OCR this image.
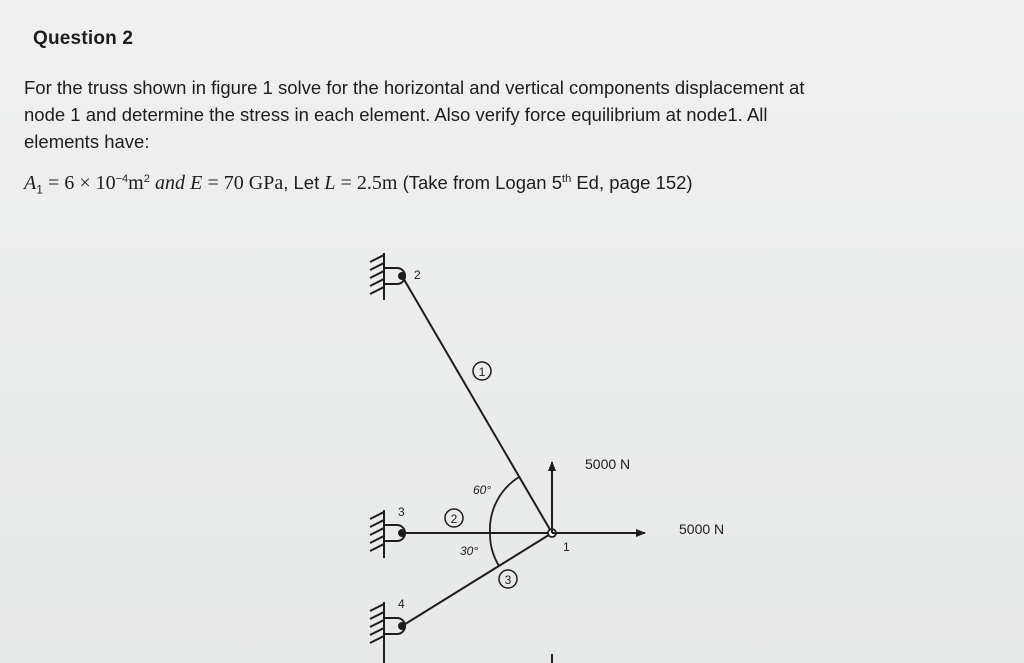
Question 2
For the truss shown in figure 1 solve for the horizontal and vertical components displacement at
node 1 and determine the stress in each element. Also verify force equilibrium at node1. All
elements have:
$A_1 = 6 \times 10^{-4}m^2$ and E = 70 GPa, Let L = 2.5m (Take from Logan 5th Ed, page 152)
1
2
3
1
2
3
4
60°
30°
5000 N
5000 N
